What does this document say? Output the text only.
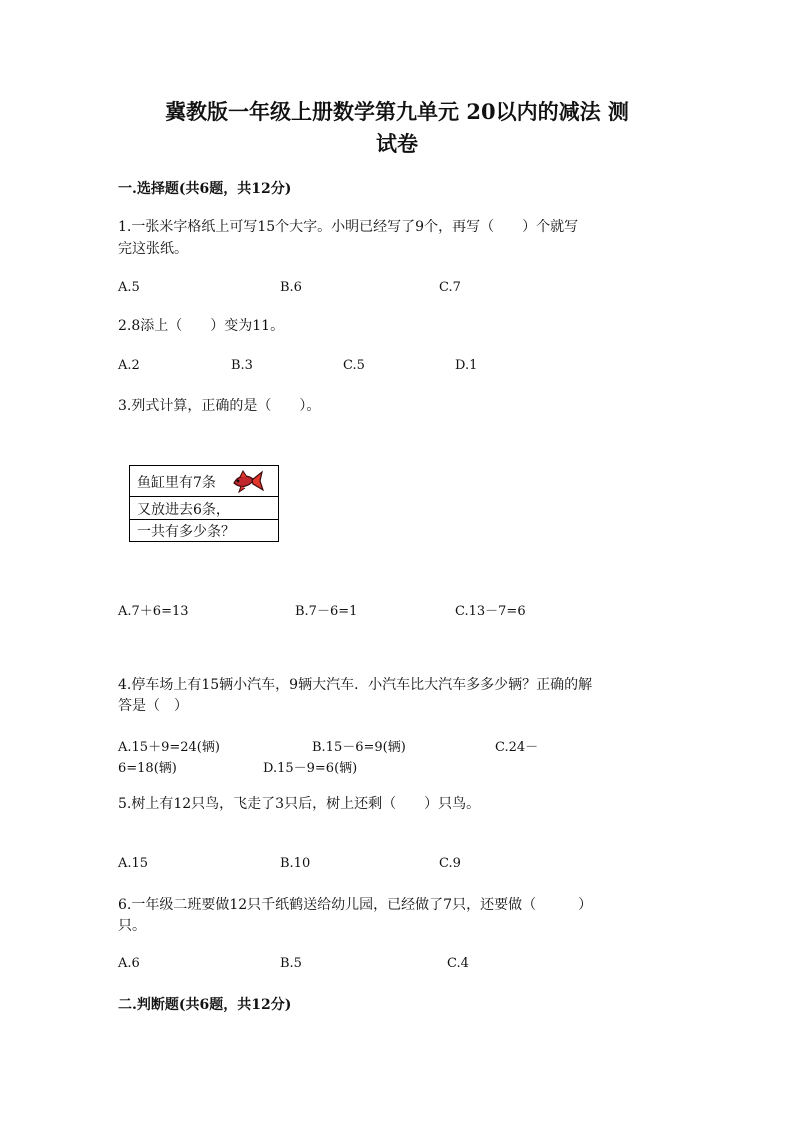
冀教版一年级上册数学第九单元 20以内的减法 测
试卷
一.选择题(共6题，共12分)
1.一张米字格纸上可写15个大字。小明已经写了9个，再写（　　）个就写
完这张纸。
A.5	B.6	C.7
2.8添上（　　）变为11。
A.2	B.3	C.5	D.1
3.列式计算，正确的是（　　）。
鱼缸里有7条
又放进去6条，
一共有多少条？
A.7＋6=13	B.7－6=1	C.13－7=6
4.停车场上有15辆小汽车，9辆大汽车．小汽车比大汽车多多少辆？正确的解
答是（　）
A.15＋9=24(辆)	B.15－6=9(辆)	C.24－
6=18(辆)	D.15－9=6(辆)
5.树上有12只鸟，飞走了3只后，树上还剩（　　）只鸟。
A.15	B.10	C.9
6.一年级二班要做12只千纸鹤送给幼儿园，已经做了7只，还要做（　　　）
只。
A.6	B.5	C.4
二.判断题(共6题，共12分)
